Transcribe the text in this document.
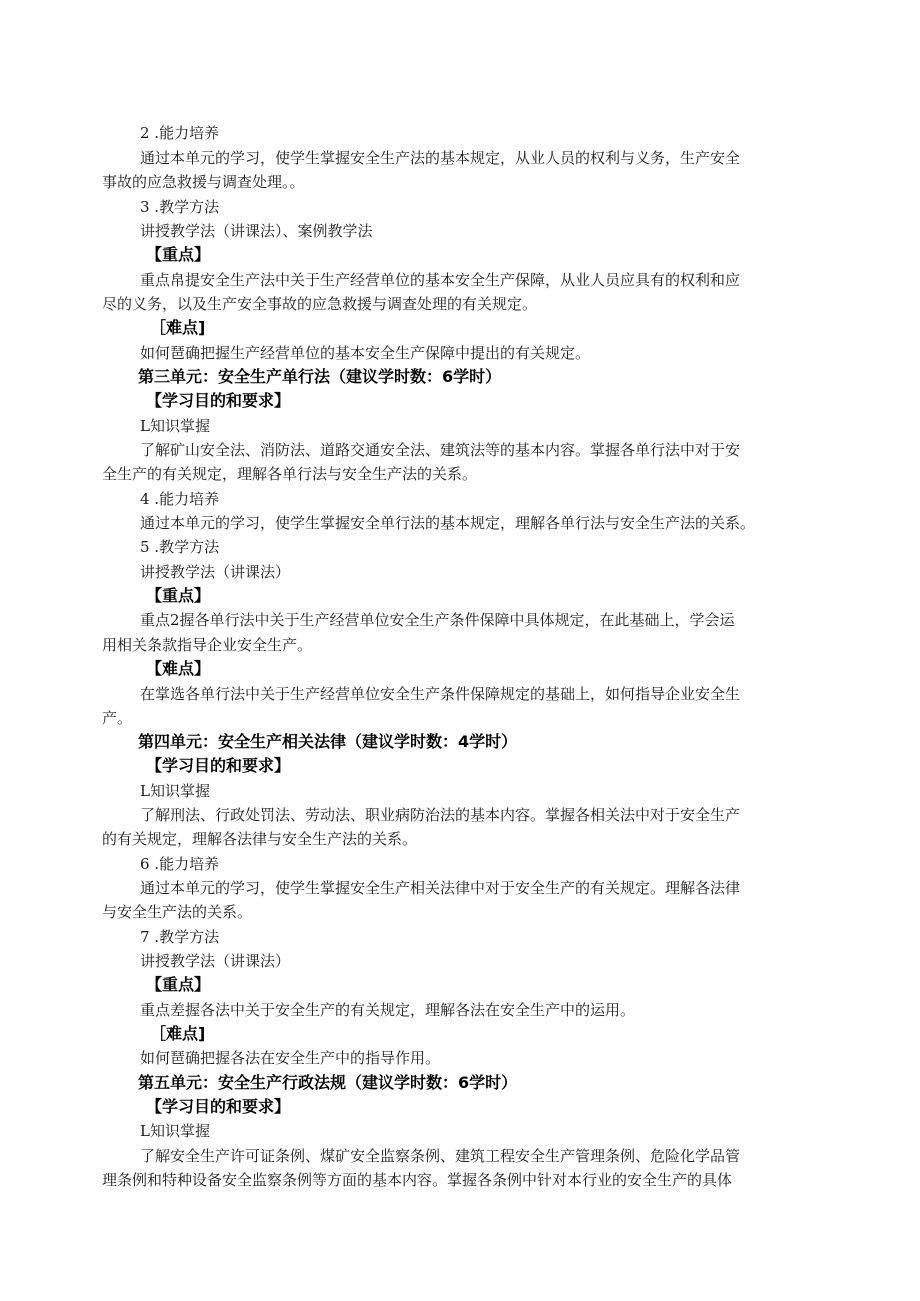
2 .能力培养
通过本单元的学习，使学生掌握安全生产法的基本规定，从业人员的权利与义务，生产安全
事故的应急救援与调查处理。。
3 .教学方法
讲授教学法（讲课法）、案例教学法
【重点】
重点帛提安全生产法中关于生产经营单位的基本安全生产保障，从业人员应具有的权利和应
尽的义务，以及生产安全事故的应急救援与调查处理的有关规定。
［难点]
如何琶确把握生产经营单位的基本安全生产保障中提出的有关规定。
第三单元：安全生产单行法（建议学时数：6学时）
【学习目的和要求】
L知识掌握
了解矿山安全法、消防法、道路交通安全法、建筑法等的基本内容。掌握各单行法中对于安
全生产的有关规定，理解各单行法与安全生产法的关系。
4 .能力培养
通过本单元的学习，使学生掌握安全单行法的基本规定，理解各单行法与安全生产法的关系。
5 .教学方法
讲授教学法（讲课法）
【重点】
重点2握各单行法中关于生产经营单位安全生产条件保障中具体规定，在此基础上，学会运
用相关条款指导企业安全生产。
【难点】
在掌选各单行法中关于生产经营单位安全生产条件保障规定的基础上，如何指导企业安全生
产。
第四单元：安全生产相关法律（建议学时数：4学时）
【学习目的和要求】
L知识掌握
了解刑法、行政处罚法、劳动法、职业病防治法的基本内容。掌握各相关法中对于安全生产
的有关规定，理解各法律与安全生产法的关系。
6 .能力培养
通过本单元的学习，使学生掌握安全生产相关法律中对于安全生产的有关规定。理解各法律
与安全生产法的关系。
7 .教学方法
讲授教学法（讲课法）
【重点】
重点差握各法中关于安全生产的有关规定，理解各法在安全生产中的运用。
［难点]
如何琶确把握各法在安全生产中的指导作用。
第五单元：安全生产行政法规（建议学时数：6学时）
【学习目的和要求】
L知识掌握
了解安全生产许可证条例、煤矿安全监察条例、建筑工程安全生产管理条例、危险化学品管
理条例和特种设备安全监察条例等方面的基本内容。掌握各条例中针对本行业的安全生产的具体
